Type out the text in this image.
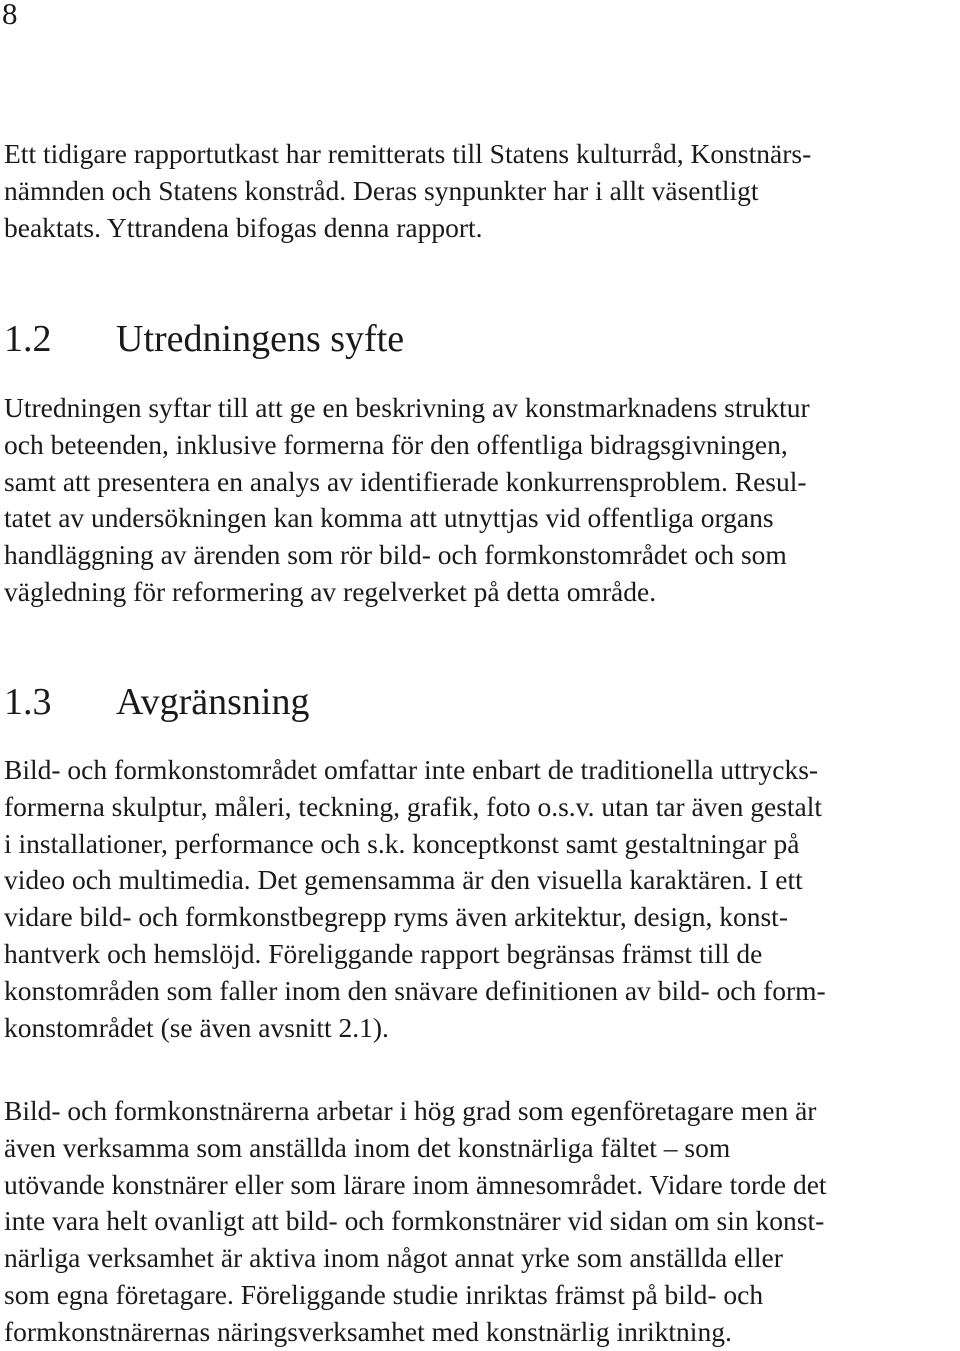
8

Ett tidigare rapportutkast har remitterats till Statens kulturråd, Konstnärs-
nämnden och Statens konstråd. Deras synpunkter har i allt väsentligt
beaktats. Yttrandena bifogas denna rapport.

1.2 Utredningens syfte

Utredningen syftar till att ge en beskrivning av konstmarknadens struktur
och beteenden, inklusive formerna för den offentliga bidragsgivningen,
samt att presentera en analys av identifierade konkurrensproblem. Resul-
tatet av undersökningen kan komma att utnyttjas vid offentliga organs
handläggning av ärenden som rör bild- och formkonstområdet och som
vägledning för reformering av regelverket på detta område.

1.3 Avgränsning

Bild- och formkonstområdet omfattar inte enbart de traditionella uttrycks-
formerna skulptur, måleri, teckning, grafik, foto o.s.v. utan tar även gestalt
i installationer, performance och s.k. konceptkonst samt gestaltningar på
video och multimedia. Det gemensamma är den visuella karaktären. I ett
vidare bild- och formkonstbegrepp ryms även arkitektur, design, konst-
hantverk och hemslöjd. Föreliggande rapport begränsas främst till de
konstområden som faller inom den snävare definitionen av bild- och form-
konstområdet (se även avsnitt 2.1).

Bild- och formkonstnärerna arbetar i hög grad som egenföretagare men är
även verksamma som anställda inom det konstnärliga fältet – som
utövande konstnärer eller som lärare inom ämnesområdet. Vidare torde det
inte vara helt ovanligt att bild- och formkonstnärer vid sidan om sin konst-
närliga verksamhet är aktiva inom något annat yrke som anställda eller
som egna företagare. Föreliggande studie inriktas främst på bild- och
formkonstnärernas näringsverksamhet med konstnärlig inriktning.
